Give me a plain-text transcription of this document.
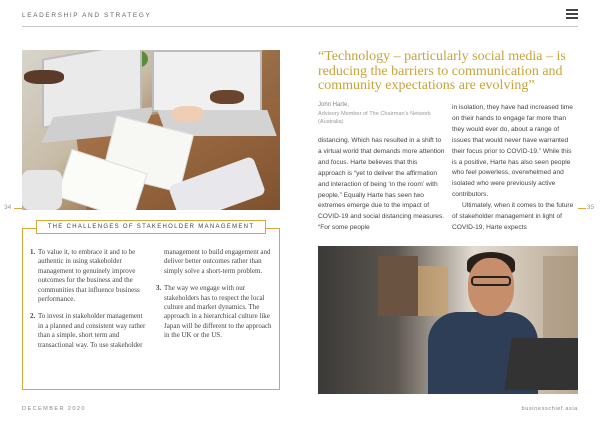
LEADERSHIP AND STRATEGY
34	35
“Technology – particularly social media – is reducing the barriers to communication and community expectations are evolving”
John Harte,
Advisory Member of The Chairman’s Network (Australia)
distancing. Which has resulted in a shift to a virtual world that demands more attention and focus. Harte believes that this approach is “yet to deliver the affirmation and interaction of being ‘in the room’ with people.” Equally Harte has seen two extremes emerge due to the impact of COVID-19 and social distancing measures. “For some people
in isolation, they have had increased time on their hands to engage far more than they would ever do, about a range of issues that would never have warranted their focus prior to COVID-19.” While this is a positive, Harte has also seen people who feel powerless, overwhelmed and isolated who were previously active contributors.
Ultimately, when it comes to the future of stakeholder management in light of COVID-19, Harte expects
THE CHALLENGES OF STAKEHOLDER MANAGEMENT
1. To value it, to embrace it and to be authentic in using stakeholder management to genuinely improve outcomes for the business and the communities that influence business performance.
2. To invest in stakeholder management in a planned and consistent way rather than a simple, short term and transactional way. To use stakeholder
management to build engagement and deliver better outcomes rather than simply solve a short-term problem.
3. The way we engage with our stakeholders has to respect the local culture and market dynamics. The approach in a hierarchical culture like Japan will be different to the approach in the UK or the US.
DECEMBER 2020	businesschief.asia
